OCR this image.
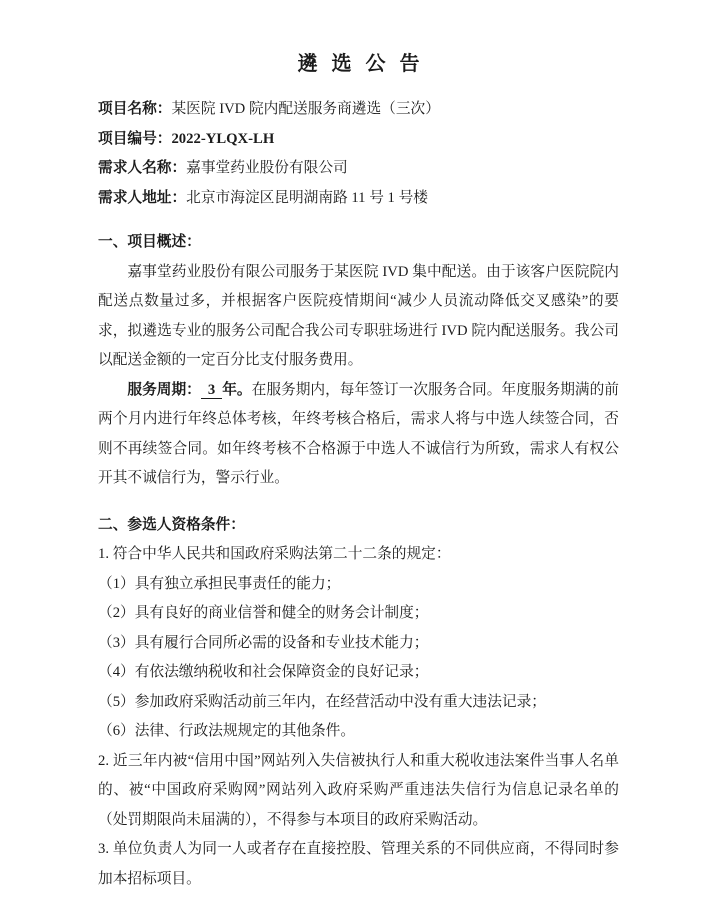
遴选公告
项目名称：某医院 IVD 院内配送服务商遴选（三次）
项目编号：2022-YLQX-LH
需求人名称：嘉事堂药业股份有限公司
需求人地址：北京市海淀区昆明湖南路 11 号 1 号楼
一、项目概述：

嘉事堂药业股份有限公司服务于某医院 IVD 集中配送。由于该客户医院院内配送点数量过多，并根据客户医院疫情期间“减少人员流动降低交叉感染”的要求，拟遴选专业的服务公司配合我公司专职驻场进行 IVD 院内配送服务。我公司以配送金额的一定百分比支付服务费用。

服务周期： 3 年。在服务期内，每年签订一次服务合同。年度服务期满的前两个月内进行年终总体考核，年终考核合格后，需求人将与中选人续签合同，否则不再续签合同。如年终考核不合格源于中选人不诚信行为所致，需求人有权公开其不诚信行为，警示行业。

二、参选人资格条件：

1. 符合中华人民共和国政府采购法第二十二条的规定：

（1）具有独立承担民事责任的能力；

（2）具有良好的商业信誉和健全的财务会计制度；

（3）具有履行合同所必需的设备和专业技术能力；

（4）有依法缴纳税收和社会保障资金的良好记录；

（5）参加政府采购活动前三年内，在经营活动中没有重大违法记录；

（6）法律、行政法规规定的其他条件。

2. 近三年内被“信用中国”网站列入失信被执行人和重大税收违法案件当事人名单的、被“中国政府采购网”网站列入政府采购严重违法失信行为信息记录名单的（处罚期限尚未届满的），不得参与本项目的政府采购活动。

3. 单位负责人为同一人或者存在直接控股、管理关系的不同供应商，不得同时参加本招标项目。
